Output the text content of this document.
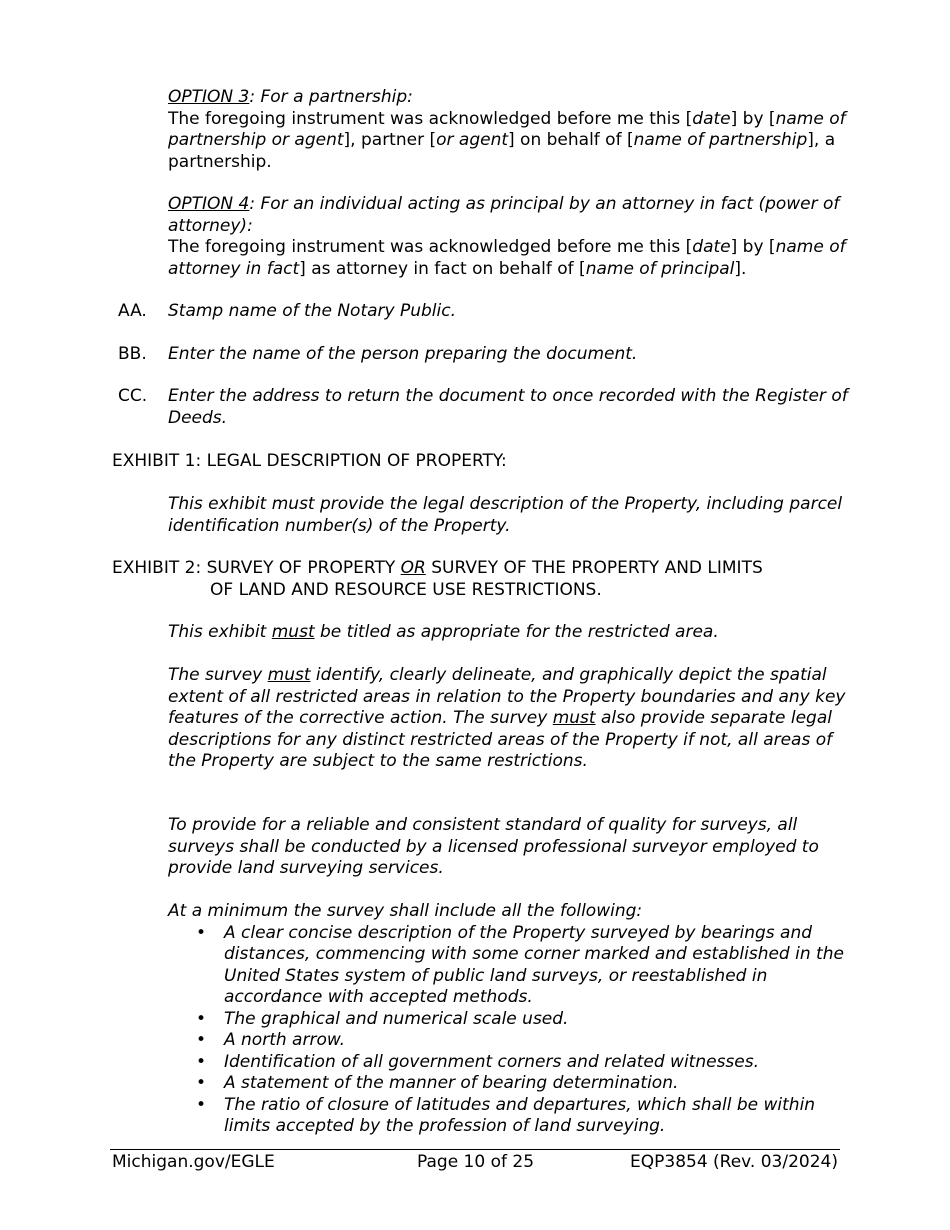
OPTION 3: For a partnership:
The foregoing instrument was acknowledged before me this [date] by [name of partnership or agent], partner [or agent] on behalf of [name of partnership], a partnership.
OPTION 4: For an individual acting as principal by an attorney in fact (power of attorney):
The foregoing instrument was acknowledged before me this [date] by [name of attorney in fact] as attorney in fact on behalf of [name of principal].
AA. Stamp name of the Notary Public.
BB. Enter the name of the person preparing the document.
CC. Enter the address to return the document to once recorded with the Register of Deeds.
EXHIBIT 1: LEGAL DESCRIPTION OF PROPERTY:
This exhibit must provide the legal description of the Property, including parcel identification number(s) of the Property.
EXHIBIT 2: SURVEY OF PROPERTY OR SURVEY OF THE PROPERTY AND LIMITS
OF LAND AND RESOURCE USE RESTRICTIONS.
This exhibit must be titled as appropriate for the restricted area.
The survey must identify, clearly delineate, and graphically depict the spatial extent of all restricted areas in relation to the Property boundaries and any key features of the corrective action. The survey must also provide separate legal descriptions for any distinct restricted areas of the Property if not, all areas of the Property are subject to the same restrictions.
To provide for a reliable and consistent standard of quality for surveys, all surveys shall be conducted by a licensed professional surveyor employed to provide land surveying services.
At a minimum the survey shall include all the following:
• A clear concise description of the Property surveyed by bearings and distances, commencing with some corner marked and established in the United States system of public land surveys, or reestablished in accordance with accepted methods.
• The graphical and numerical scale used.
• A north arrow.
• Identification of all government corners and related witnesses.
• A statement of the manner of bearing determination.
• The ratio of closure of latitudes and departures, which shall be within limits accepted by the profession of land surveying.
Michigan.gov/EGLE	Page 10 of 25	EQP3854 (Rev. 03/2024)
